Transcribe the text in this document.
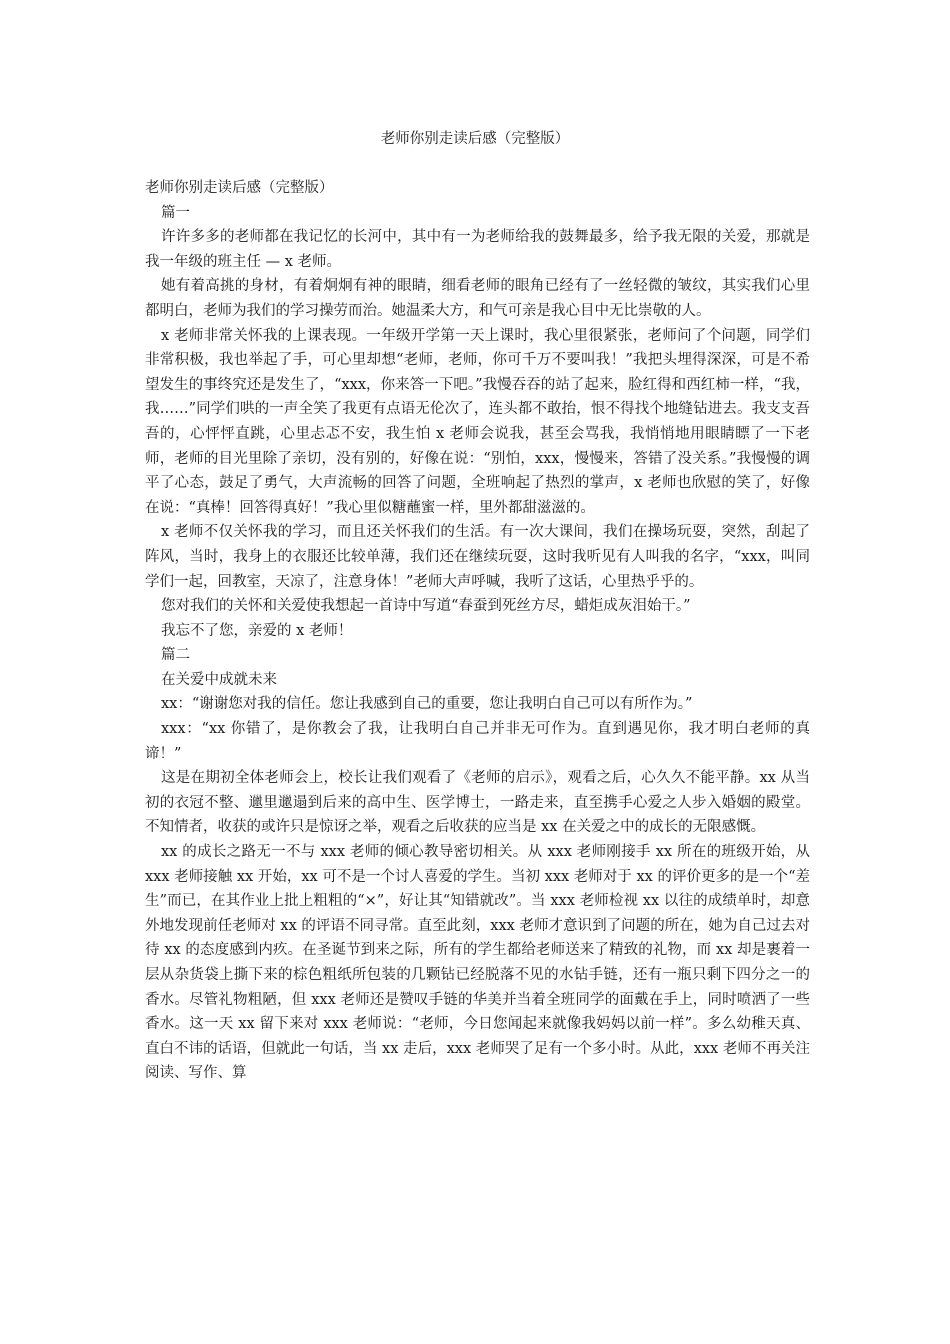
老师你别走读后感（完整版）

老师你别走读后感（完整版）

篇一

许许多多的老师都在我记忆的长河中，其中有一为老师给我的鼓舞最多，给予我无限的关爱，那就是我一年级的班主任 — x 老师。

她有着高挑的身材，有着炯炯有神的眼睛，细看老师的眼角已经有了一丝轻微的皱纹，其实我们心里都明白，老师为我们的学习操劳而治。她温柔大方，和气可亲是我心目中无比崇敬的人。

x 老师非常关怀我的上课表现。一年级开学第一天上课时，我心里很紧张，老师问了个问题，同学们非常积极，我也举起了手，可心里却想“老师，老师，你可千万不要叫我！”我把头埋得深深，可是不希望发生的事终究还是发生了，“xxx，你来答一下吧。”我慢吞吞的站了起来，脸红得和西红柿一样，“我，我……”同学们哄的一声全笑了我更有点语无伦次了，连头都不敢抬，恨不得找个地缝钻进去。我支支吾吾的，心怦怦直跳，心里忐忑不安，我生怕 x 老师会说我，甚至会骂我，我悄悄地用眼睛瞟了一下老师，老师的目光里除了亲切，没有别的，好像在说：“别怕，xxx，慢慢来，答错了没关系。”我慢慢的调平了心态，鼓足了勇气，大声流畅的回答了问题，全班响起了热烈的掌声，x 老师也欣慰的笑了，好像在说：“真棒！回答得真好！”我心里似糖蘸蜜一样，里外都甜滋滋的。

x 老师不仅关怀我的学习，而且还关怀我们的生活。有一次大课间，我们在操场玩耍，突然，刮起了阵风，当时，我身上的衣服还比较单薄，我们还在继续玩耍，这时我听见有人叫我的名字，“xxx，叫同学们一起，回教室，天凉了，注意身体！”老师大声呼喊，我听了这话，心里热乎乎的。

您对我们的关怀和关爱使我想起一首诗中写道“春蚕到死丝方尽，蜡炬成灰泪始干。”

我忘不了您，亲爱的 x 老师！

篇二

在关爱中成就未来

xx：“谢谢您对我的信任。您让我感到自己的重要，您让我明白自己可以有所作为。”

xxx：“xx 你错了，是你教会了我，让我明白自己并非无可作为。直到遇见你，我才明白老师的真谛！”

这是在期初全体老师会上，校长让我们观看了《老师的启示》，观看之后，心久久不能平静。xx 从当初的衣冠不整、邋里邋遢到后来的高中生、医学博士，一路走来，直至携手心爱之人步入婚姻的殿堂。不知情者，收获的或许只是惊讶之举，观看之后收获的应当是 xx 在关爱之中的成长的无限感慨。

xx 的成长之路无一不与 xxx 老师的倾心教导密切相关。从 xxx 老师刚接手 xx 所在的班级开始，从 xxx 老师接触 xx 开始，xx 可不是一个讨人喜爱的学生。当初 xxx 老师对于 xx 的评价更多的是一个“差生”而已，在其作业上批上粗粗的“×”，好让其“知错就改”。当 xxx 老师检视 xx 以往的成绩单时，却意外地发现前任老师对 xx 的评语不同寻常。直至此刻，xxx 老师才意识到了问题的所在，她为自己过去对待 xx 的态度感到内疚。在圣诞节到来之际，所有的学生都给老师送来了精致的礼物，而 xx 却是裹着一层从杂货袋上撕下来的棕色粗纸所包装的几颗钻已经脱落不见的水钻手链，还有一瓶只剩下四分之一的香水。尽管礼物粗陋，但 xxx 老师还是赞叹手链的华美并当着全班同学的面戴在手上，同时喷洒了一些香水。这一天 xx 留下来对 xxx 老师说：“老师，今日您闻起来就像我妈妈以前一样”。多么幼稚天真、直白不讳的话语，但就此一句话，当 xx 走后，xxx 老师哭了足有一个多小时。从此，xxx 老师不再关注阅读、写作、算
